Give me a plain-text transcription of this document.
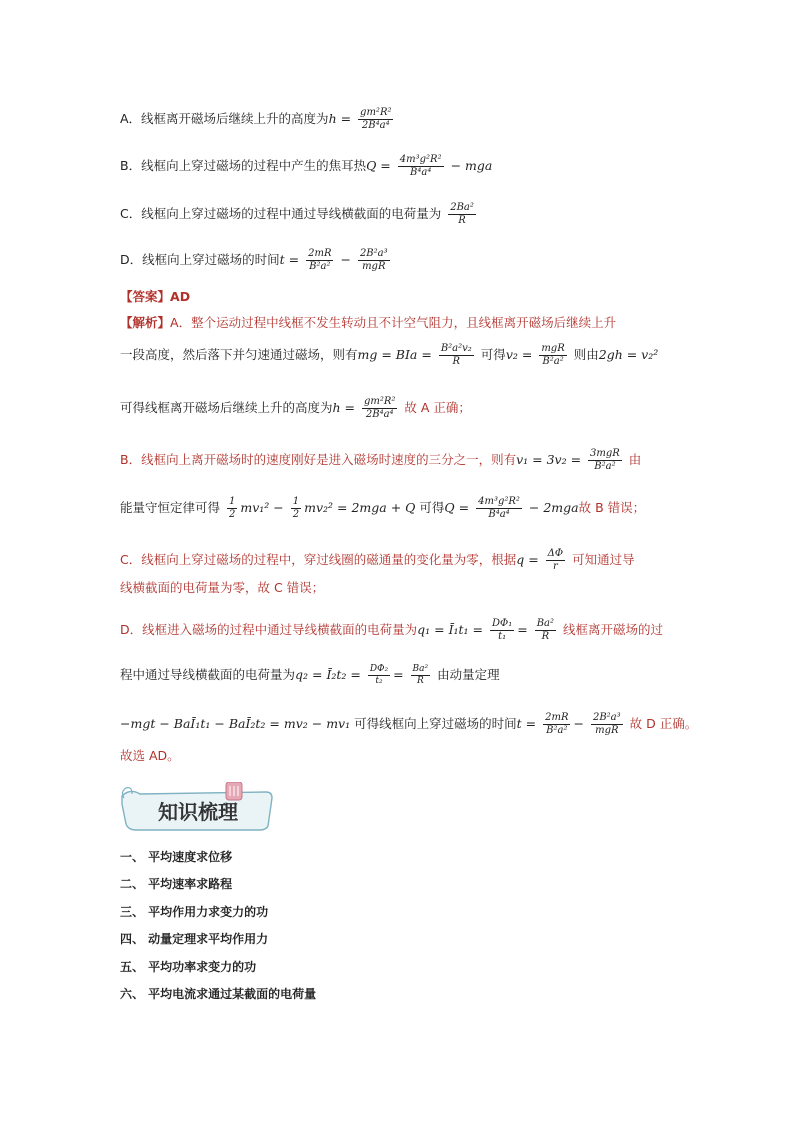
A．线框离开磁场后继续上升的高度为$h = \frac{\text{gm²R²}}{\text{2B⁴a⁴}}$
B．线框向上穿过磁场的过程中产生的焦耳热$Q = \frac{\text{4m³g²R²}}{\text{B⁴a⁴}}$ − mga
C．线框向上穿过磁场的过程中通过导线横截面的电荷量为 $\frac{\text{2Ba²}}{R}$
D．线框向上穿过磁场的时间$t = \frac{2mR}{\text{B²a²}} - \frac{\text{2B²a³}}{\text{mgR}}$
【答案】AD
【解析】A．整个运动过程中线框不发生转动且不计空气阻力，且线框离开磁场后继续上升
一段高度，然后落下并匀速通过磁场，则有mg = BIa = $\frac{\text{B²a²v₂}}{R}$ 可得$v_2 = \frac{\text{mgR}}{\text{B²a²}}$ 则由2gh = v₂²
可得线框离开磁场后继续上升的高度为$h = \frac{\text{gm²R²}}{\text{2B⁴a⁴}}$ 故 A 正确；
B．线框向上离开磁场时的速度刚好是进入磁场时速度的三分之一，则有$v_1 = 3v_2 = \frac{\text{3mgR}}{\text{B²a²}}$ 由
能量守恒定律可得 $\frac{1}{2} mv_1^2 - \frac{1}{2} mv_2^2 = 2mga + Q$ 可得$Q = \frac{\text{4m³g²R²}}{\text{B⁴a⁴}} - 2mga$故 B 错误；
C．线框向上穿过磁场的过程中，穿过线圈的磁通量的变化量为零，根据$q = \frac{\Delta\Phi}{r}$ 可知通过导
线横截面的电荷量为零，故 C 错误；
D．线框进入磁场的过程中通过导线横截面的电荷量为q₁ = Ī₁t₁ = $\frac{\text{DΦ₁}}{\text{t₁}} = \frac{\text{Ba²}}{R}$ 线框离开磁场的过
程中通过导线横截面的电荷量为q₂ = Ī₂t₂ = $\frac{\text{DΦ₂}}{\text{t₂}} = \frac{\text{Ba²}}{R}$ 由动量定理
−mgt − BaĪ₁t₁ − BaĪ₂t₂ = mv₂ − mv₁ 可得线框向上穿过磁场的时间$t = \frac{2mR}{\text{B²a²}} - \frac{\text{2B²a³}}{\text{mgR}}$ 故 D 正确。
故选 AD。
知识梳理
一、 平均速度求位移
二、 平均速率求路程
三、 平均作用力求变力的功
四、 动量定理求平均作用力
五、 平均功率求变力的功
六、 平均电流求通过某截面的电荷量
